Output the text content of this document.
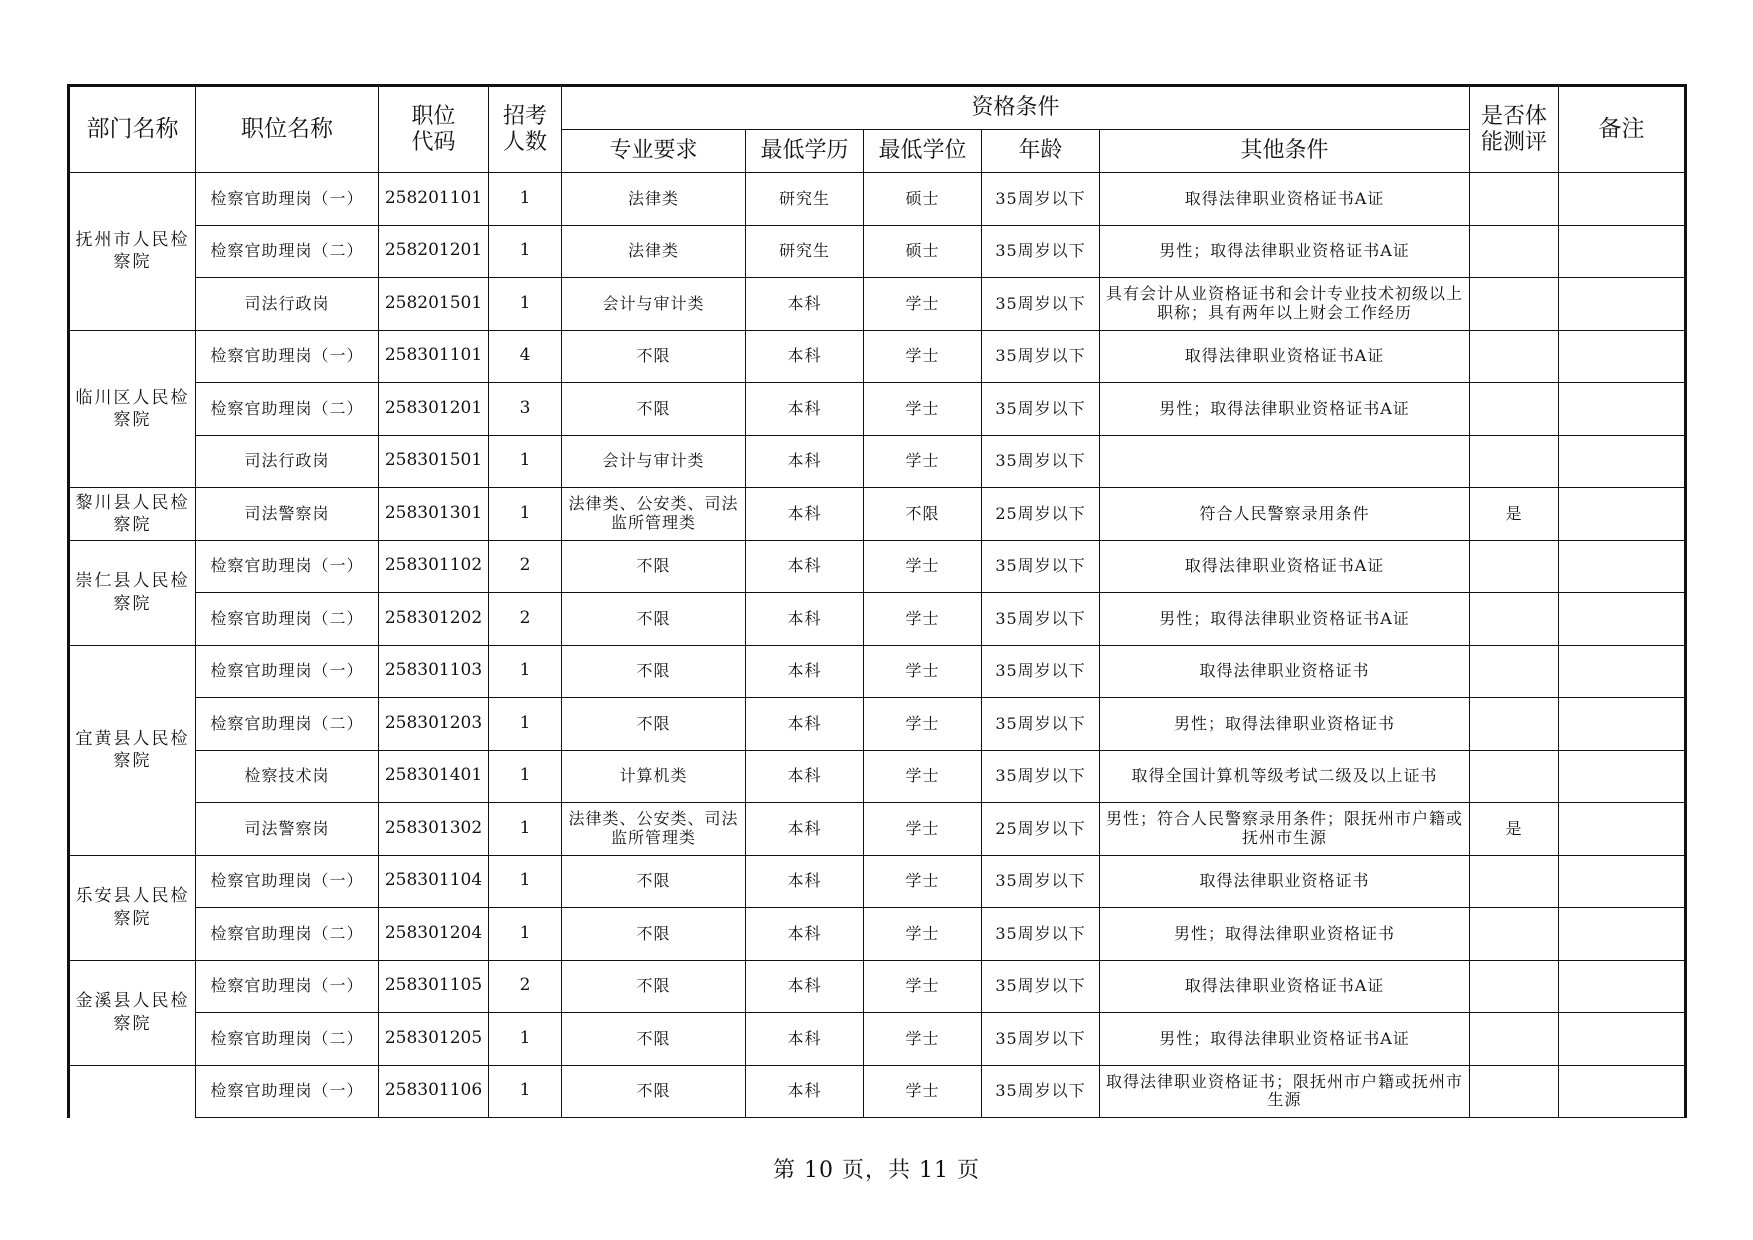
部门名称	职位名称	职位代码	招考人数	资格条件					是否体能测评	备注
				专业要求	最低学历	最低学位	年龄	其他条件		
抚州市人民检察院	检察官助理岗（一）	258201101	1	法律类	研究生	硕士	35周岁以下	取得法律职业资格证书A证		
	检察官助理岗（二）	258201201	1	法律类	研究生	硕士	35周岁以下	男性；取得法律职业资格证书A证		
	司法行政岗	258201501	1	会计与审计类	本科	学士	35周岁以下	具有会计从业资格证书和会计专业技术初级以上职称；具有两年以上财会工作经历		
临川区人民检察院	检察官助理岗（一）	258301101	4	不限	本科	学士	35周岁以下	取得法律职业资格证书A证		
	检察官助理岗（二）	258301201	3	不限	本科	学士	35周岁以下	男性；取得法律职业资格证书A证		
	司法行政岗	258301501	1	会计与审计类	本科	学士	35周岁以下			
黎川县人民检察院	司法警察岗	258301301	1	法律类、公安类、司法监所管理类	本科	不限	25周岁以下	符合人民警察录用条件	是	
崇仁县人民检察院	检察官助理岗（一）	258301102	2	不限	本科	学士	35周岁以下	取得法律职业资格证书A证		
	检察官助理岗（二）	258301202	2	不限	本科	学士	35周岁以下	男性；取得法律职业资格证书A证		
宜黄县人民检察院	检察官助理岗（一）	258301103	1	不限	本科	学士	35周岁以下	取得法律职业资格证书		
	检察官助理岗（二）	258301203	1	不限	本科	学士	35周岁以下	男性；取得法律职业资格证书		
	检察技术岗	258301401	1	计算机类	本科	学士	35周岁以下	取得全国计算机等级考试二级及以上证书		
	司法警察岗	258301302	1	法律类、公安类、司法监所管理类	本科	学士	25周岁以下	男性；符合人民警察录用条件；限抚州市户籍或抚州市生源	是	
乐安县人民检察院	检察官助理岗（一）	258301104	1	不限	本科	学士	35周岁以下	取得法律职业资格证书		
	检察官助理岗（二）	258301204	1	不限	本科	学士	35周岁以下	男性；取得法律职业资格证书		
金溪县人民检察院	检察官助理岗（一）	258301105	2	不限	本科	学士	35周岁以下	取得法律职业资格证书A证		
	检察官助理岗（二）	258301205	1	不限	本科	学士	35周岁以下	男性；取得法律职业资格证书A证		
	检察官助理岗（一）	258301106	1	不限	本科	学士	35周岁以下	取得法律职业资格证书；限抚州市户籍或抚州市生源		
第 10 页，共 11 页
